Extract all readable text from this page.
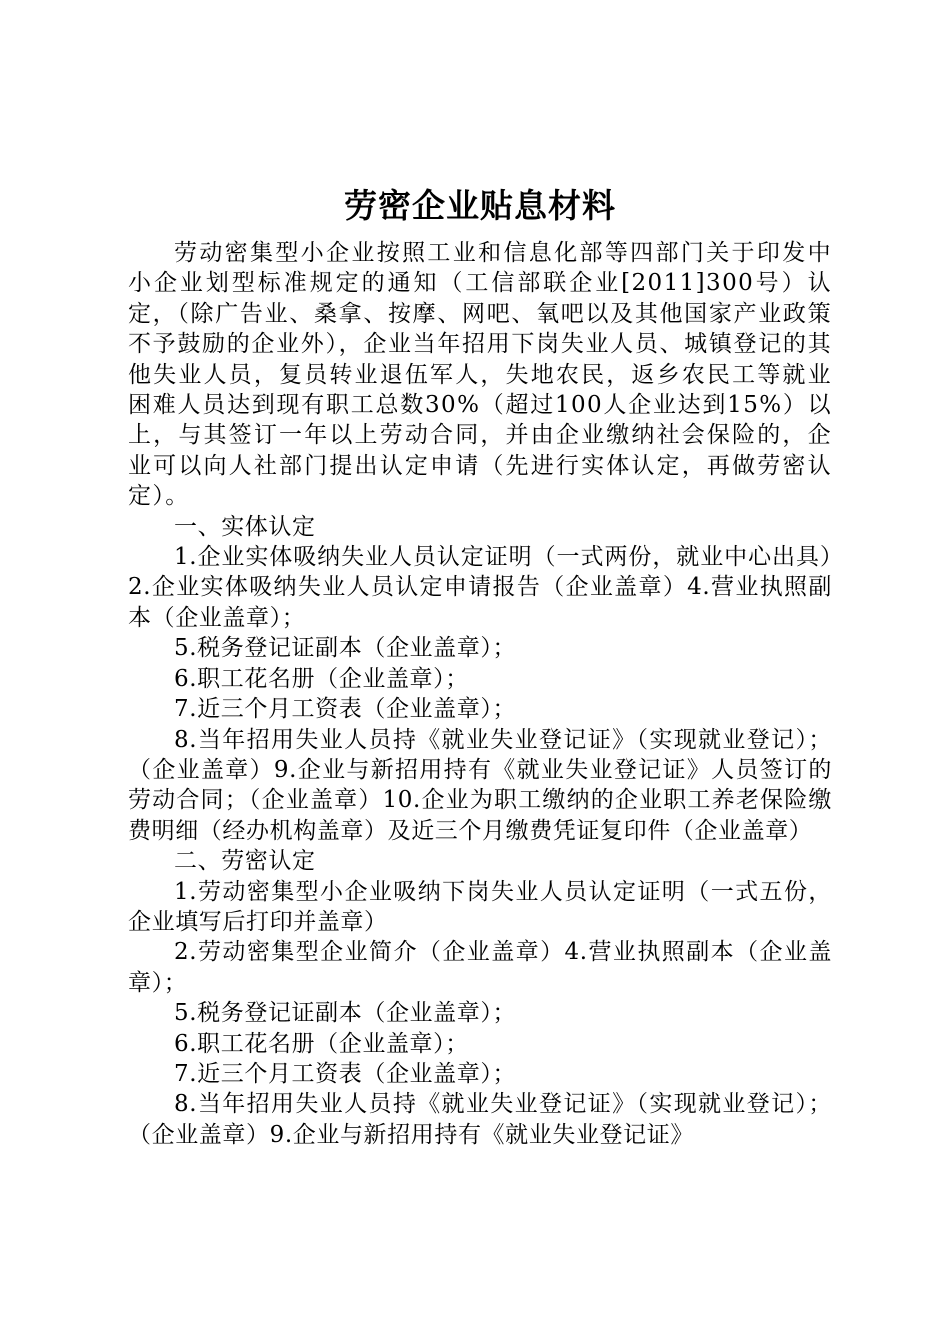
劳密企业贴息材料

劳动密集型小企业按照工业和信息化部等四部门关于印发中小企业划型标准规定的通知（工信部联企业[2011]300号）认定，（除广告业、桑拿、按摩、网吧、氧吧以及其他国家产业政策不予鼓励的企业外），企业当年招用下岗失业人员、城镇登记的其他失业人员，复员转业退伍军人，失地农民，返乡农民工等就业困难人员达到现有职工总数30%（超过100人企业达到15%）以上，与其签订一年以上劳动合同，并由企业缴纳社会保险的，企业可以向人社部门提出认定申请（先进行实体认定，再做劳密认定）。

一、实体认定

1.企业实体吸纳失业人员认定证明（一式两份，就业中心出具）2.企业实体吸纳失业人员认定申请报告（企业盖章）4.营业执照副本（企业盖章）；

5.税务登记证副本（企业盖章）；

6.职工花名册（企业盖章）；

7.近三个月工资表（企业盖章）；

8.当年招用失业人员持《就业失业登记证》（实现就业登记）；（企业盖章）9.企业与新招用持有《就业失业登记证》人员签订的劳动合同；（企业盖章）10.企业为职工缴纳的企业职工养老保险缴费明细（经办机构盖章）及近三个月缴费凭证复印件（企业盖章）

二、劳密认定

1.劳动密集型小企业吸纳下岗失业人员认定证明（一式五份，企业填写后打印并盖章）

2.劳动密集型企业简介（企业盖章）4.营业执照副本（企业盖章）；

5.税务登记证副本（企业盖章）；

6.职工花名册（企业盖章）；

7.近三个月工资表（企业盖章）；

8.当年招用失业人员持《就业失业登记证》（实现就业登记）；（企业盖章）9.企业与新招用持有《就业失业登记证》
